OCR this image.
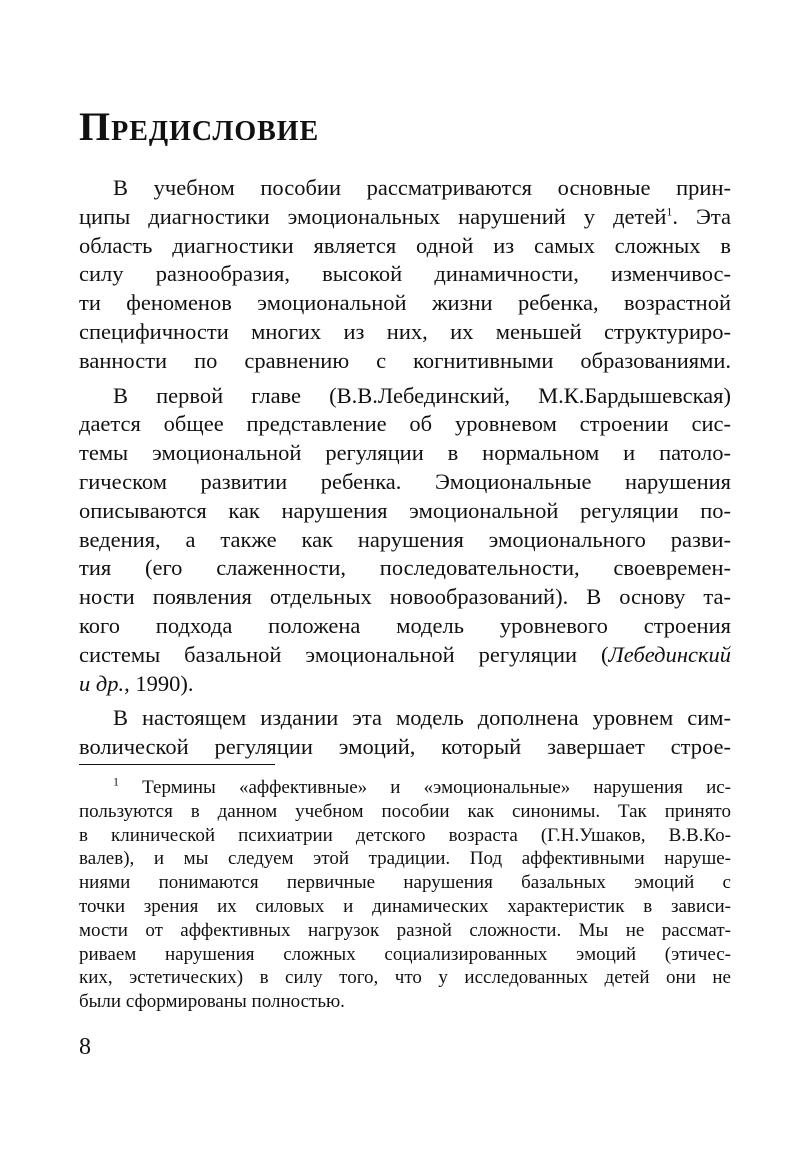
Предисловие

В учебном пособии рассматриваются основные прин-
ципы диагностики эмоциональных нарушений у детей$^1$. Эта
область диагностики является одной из самых сложных в
силу разнообразия, высокой динамичности, изменчивос-
ти феноменов эмоциональной жизни ребенка, возрастной
специфичности многих из них, их меньшей структуриро-
ванности по сравнению с когнитивными образованиями.

В первой главе (В.В.Лебединский, М.К.Бардышевская)
дается общее представление об уровневом строении сис-
темы эмоциональной регуляции в нормальном и патоло-
гическом развитии ребенка. Эмоциональные нарушения
описываются как нарушения эмоциональной регуляции по-
ведения, а также как нарушения эмоционального разви-
тия (его слаженности, последовательности, своевремен-
ности появления отдельных новообразований). В основу та-
кого подхода положена модель уровневого строения
системы базальной эмоциональной регуляции (Лебединский
и др., 1990).

В настоящем издании эта модель дополнена уровнем сим-
волической регуляции эмоций, который завершает строе-

$^1$ Термины «аффективные» и «эмоциональные» нарушения ис-
пользуются в данном учебном пособии как синонимы. Так принято
в клинической психиатрии детского возраста (Г.Н.Ушаков, В.В.Ко-
валев), и мы следуем этой традиции. Под аффективными наруше-
ниями понимаются первичные нарушения базальных эмоций с
точки зрения их силовых и динамических характеристик в зависи-
мости от аффективных нагрузок разной сложности. Мы не рассмат-
риваем нарушения сложных социализированных эмоций (этичес-
ких, эстетических) в силу того, что у исследованных детей они не
были сформированы полностью.
8
